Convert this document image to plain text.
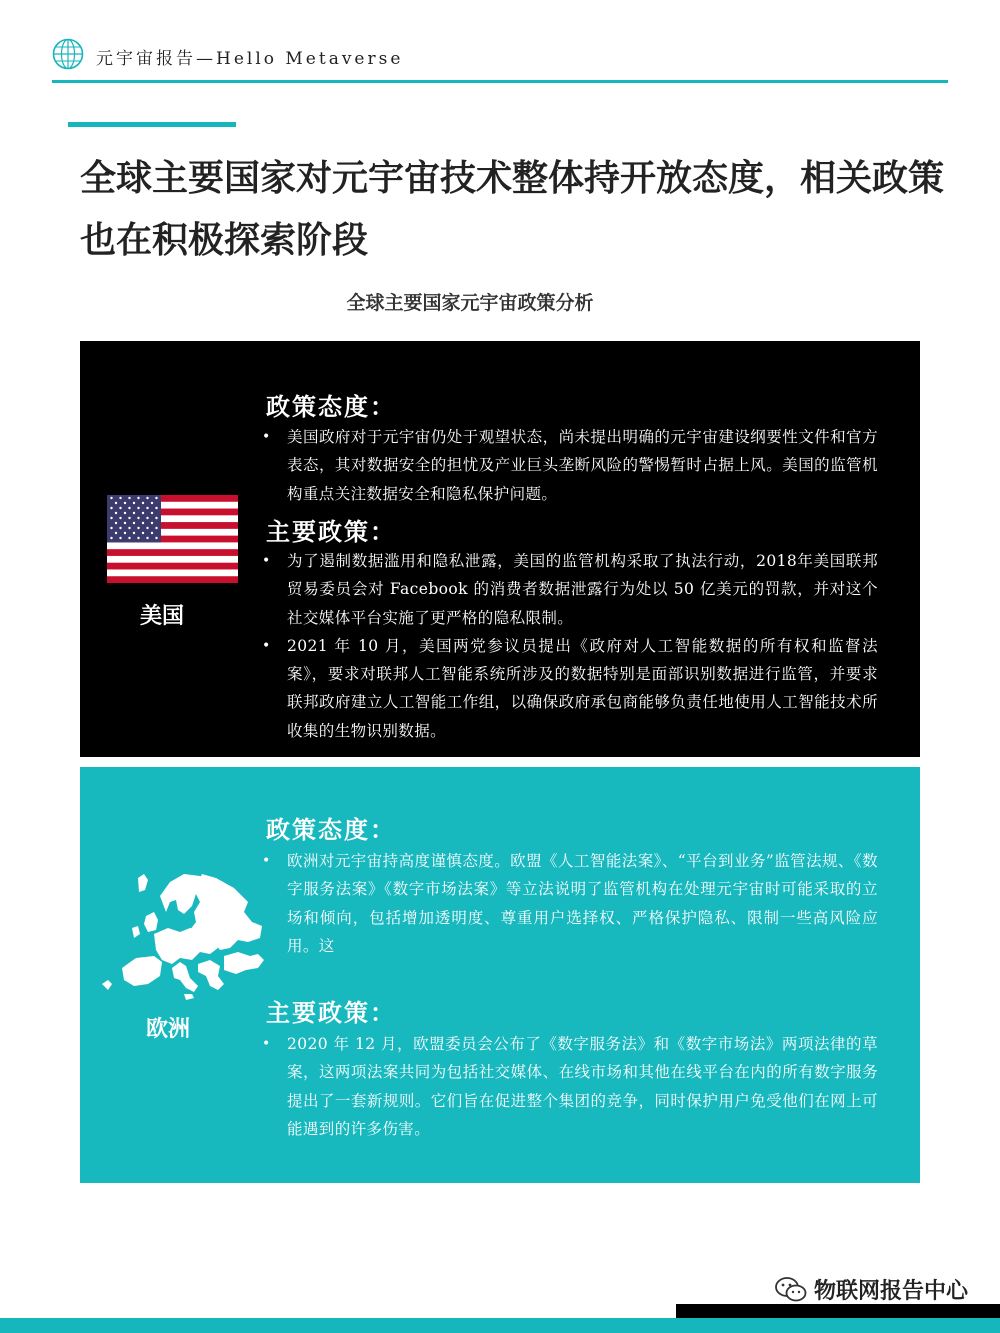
元宇宙报告—Hello Metaverse
全球主要国家对元宇宙技术整体持开放态度，相关政策也在积极探索阶段
全球主要国家元宇宙政策分析
美国
政策态度：
• 美国政府对于元宇宙仍处于观望状态，尚未提出明确的元宇宙建设纲要性文件和官方表态，其对数据安全的担忧及产业巨头垄断风险的警惕暂时占据上风。美国的监管机构重点关注数据安全和隐私保护问题。
主要政策：
• 为了遏制数据滥用和隐私泄露，美国的监管机构采取了执法行动，2018年美国联邦贸易委员会对 Facebook 的消费者数据泄露行为处以 50 亿美元的罚款，并对这个社交媒体平台实施了更严格的隐私限制。
• 2021 年 10 月，美国两党参议员提出《政府对人工智能数据的所有权和监督法案》，要求对联邦人工智能系统所涉及的数据特别是面部识别数据进行监管，并要求联邦政府建立人工智能工作组，以确保政府承包商能够负责任地使用人工智能技术所收集的生物识别数据。
欧洲
政策态度：
• 欧洲对元宇宙持高度谨慎态度。欧盟《人工智能法案》、“平台到业务”监管法规、《数字服务法案》《数字市场法案》等立法说明了监管机构在处理元宇宙时可能采取的立场和倾向，包括增加透明度、尊重用户选择权、严格保护隐私、限制一些高风险应用。这
主要政策：
• 2020 年 12 月，欧盟委员会公布了《数字服务法》和《数字市场法》两项法律的草案，这两项法案共同为包括社交媒体、在线市场和其他在线平台在内的所有数字服务提出了一套新规则。它们旨在促进整个集团的竞争，同时保护用户免受他们在网上可能遇到的许多伤害。
物联网报告中心
